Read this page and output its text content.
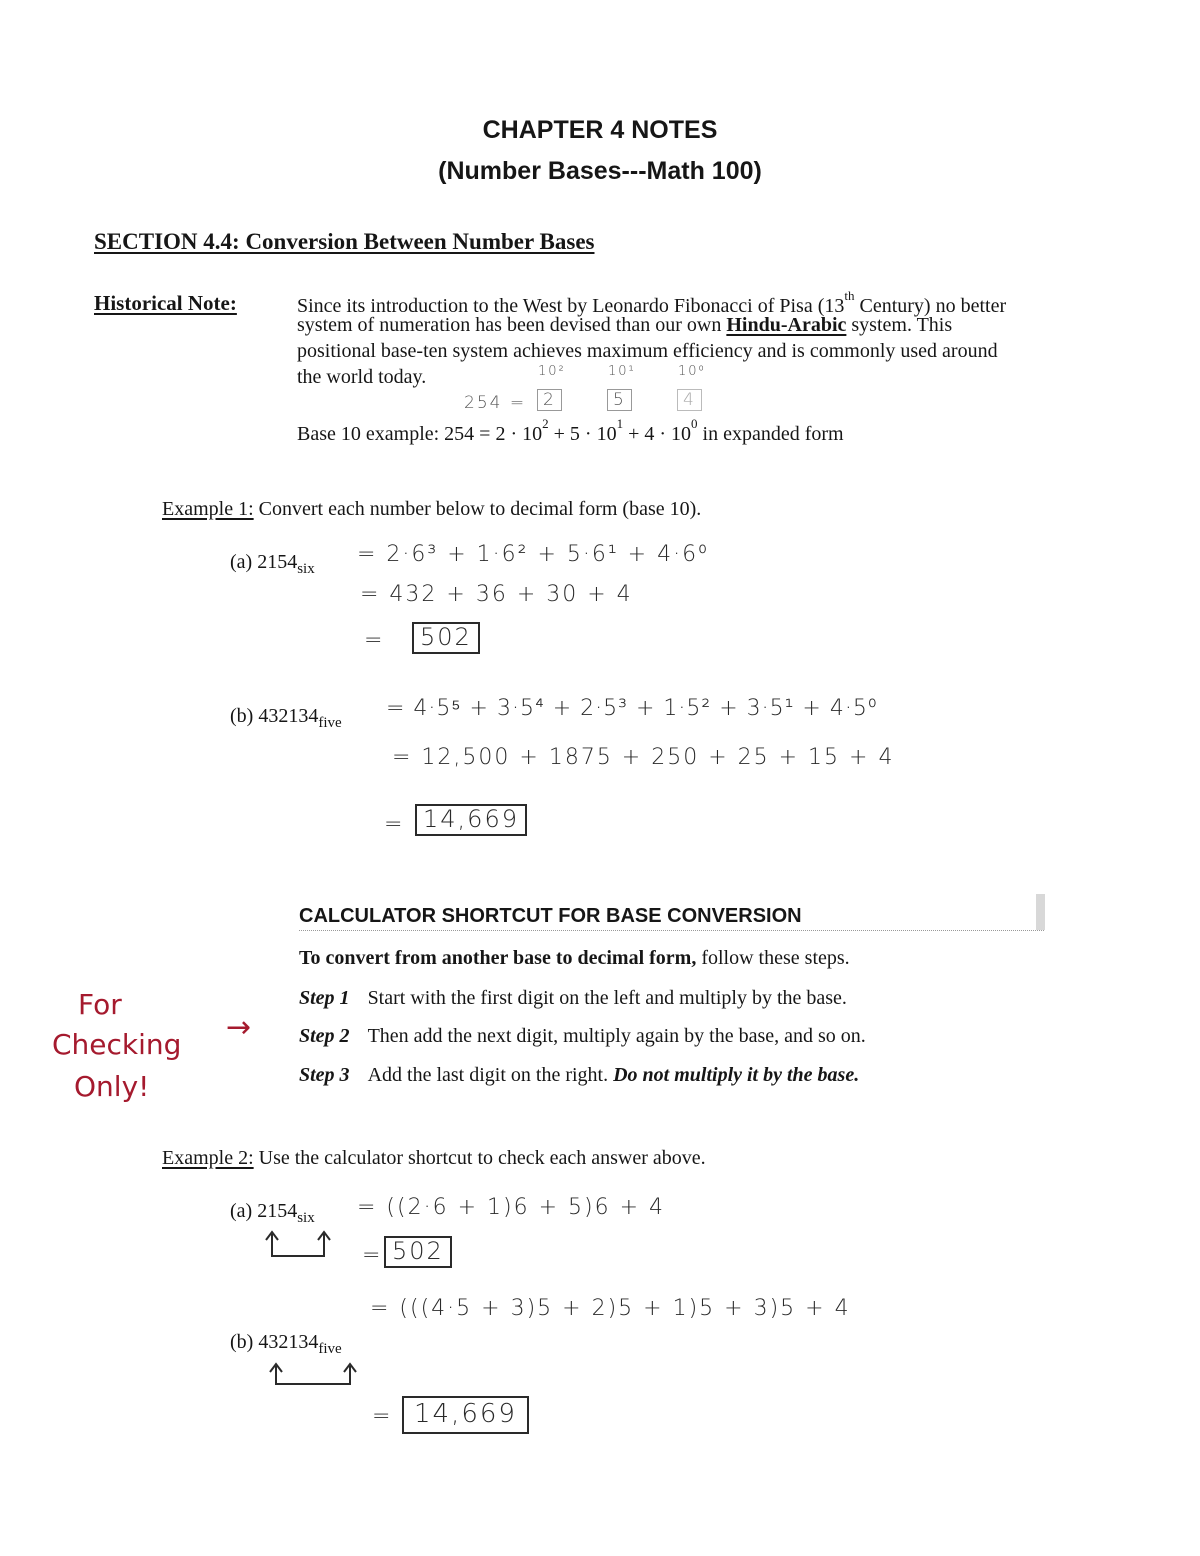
CHAPTER 4 NOTES
(Number Bases---Math 100)
SECTION 4.4: Conversion Between Number Bases
Historical Note:	Since its introduction to the West by Leonardo Fibonacci of Pisa (13th Century) no better
system of numeration has been devised than our own Hindu-Arabic system. This
positional base-ten system achieves maximum efficiency and is commonly used around
the world today.	10²	10¹	10⁰
254 = 2	5	4
Base 10 example: $254 = 2 \cdot 10^2 + 5 \cdot 10^1 + 4 \cdot 10^0$ in expanded form
Example 1: Convert each number below to decimal form (base 10).
(a) $2154_{six}$
= 2·6³ + 1·6² + 5·6¹ + 4·6⁰
= 432 + 36 + 30 + 4
=	502
(b) $432134_{five}$
= 4·5⁵ + 3·5⁴ + 2·5³ + 1·5² + 3·5¹ + 4·5⁰
= 12,500 + 1875 + 250 + 25 + 15 + 4
= 14,669
CALCULATOR SHORTCUT FOR BASE CONVERSION
To convert from another base to decimal form, follow these steps.
Step 1 Start with the first digit on the left and multiply by the base.
Step 2 Then add the next digit, multiply again by the base, and so on.
Step 3 Add the last digit on the right. Do not multiply it by the base.
For
Checking
Only!
→
Example 2: Use the calculator shortcut to check each answer above.
(a) $2154_{six} = ((2\cdot 6 + 1)6 + 5)6 + 4$
= 502
(b) $432134_{five}$
= (((4·5 + 3)5 + 2)5 + 1)5 + 3)5 + 4
= 14,669
